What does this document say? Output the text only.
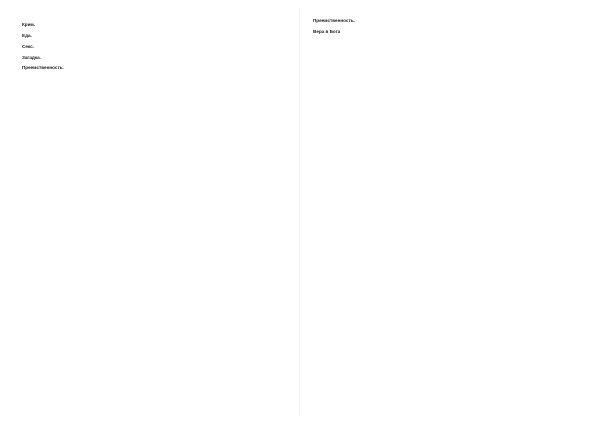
Крим.

Еда.

Секс.

Загадка.

Преемственность.

Преемственность.

Вера в Бога
